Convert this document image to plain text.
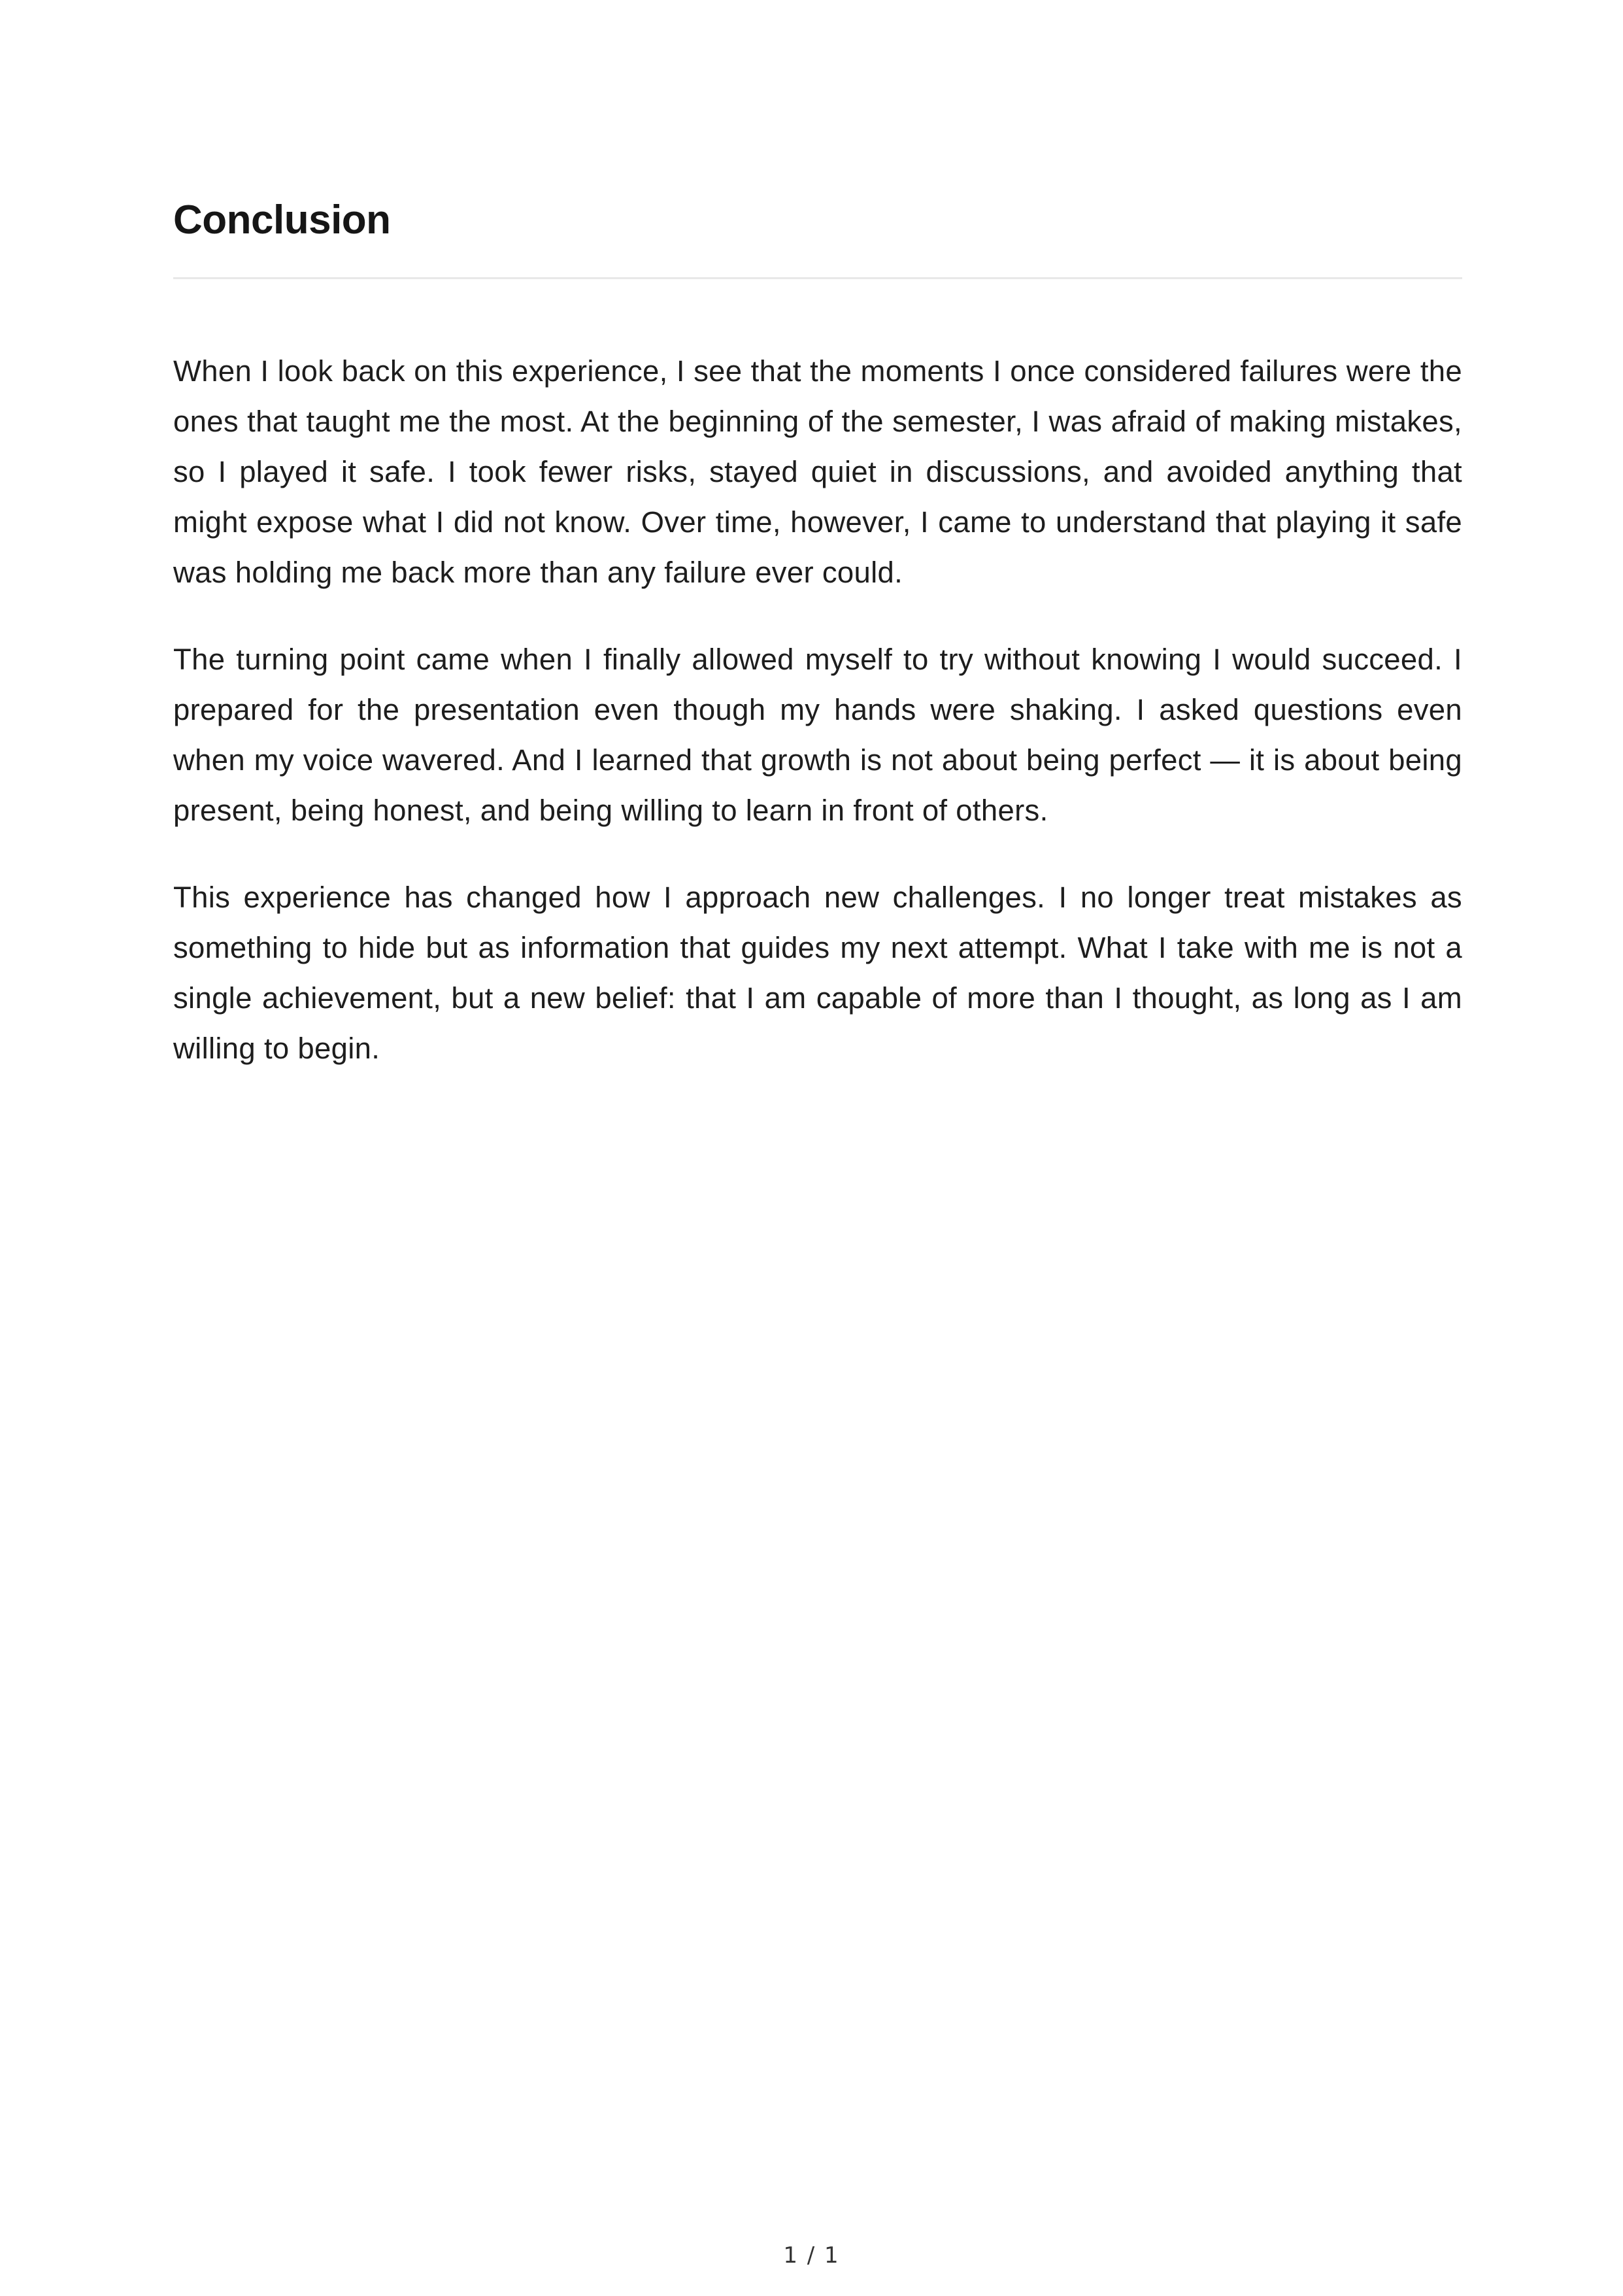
Conclusion

When I look back on this experience, I see that the moments I once considered failures were the ones that taught me the most. At the beginning of the semester, I was afraid of making mistakes, so I played it safe. I took fewer risks, stayed quiet in discussions, and avoided anything that might expose what I did not know. Over time, however, I came to understand that playing it safe was holding me back more than any failure ever could.

The turning point came when I finally allowed myself to try without knowing I would succeed. I prepared for the presentation even though my hands were shaking. I asked questions even when my voice wavered. And I learned that growth is not about being perfect — it is about being present, being honest, and being willing to learn in front of others.

This experience has changed how I approach new challenges. I no longer treat mistakes as something to hide but as information that guides my next attempt. What I take with me is not a single achievement, but a new belief: that I am capable of more than I thought, as long as I am willing to begin.

1 / 1
